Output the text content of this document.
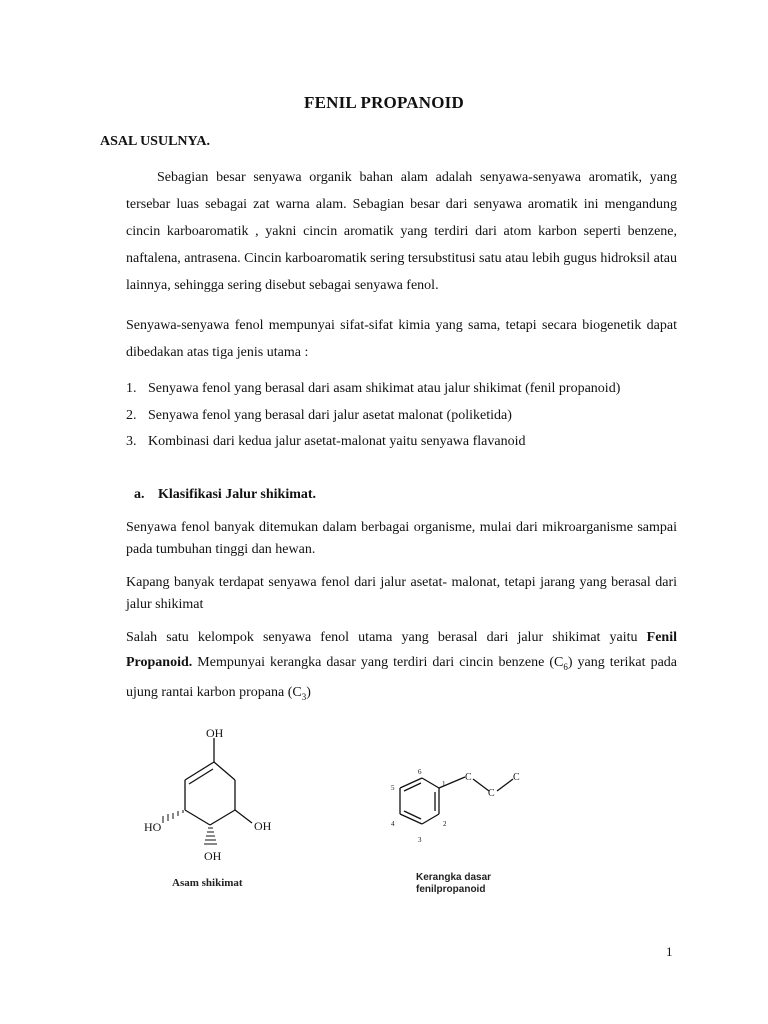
FENIL PROPANOID
ASAL USULNYA.

Sebagian besar senyawa organik bahan alam adalah senyawa-senyawa aromatik, yang tersebar luas sebagai zat warna alam. Sebagian besar dari senyawa aromatik ini mengandung cincin karboaromatik , yakni cincin aromatik yang terdiri dari atom karbon seperti benzene, naftalena, antrasena. Cincin karboaromatik sering tersubstitusi satu atau lebih gugus hidroksil atau lainnya, sehingga sering disebut sebagai senyawa fenol.

Senyawa-senyawa fenol mempunyai sifat-sifat kimia yang sama, tetapi secara biogenetik dapat dibedakan atas tiga jenis utama :

1. Senyawa fenol yang berasal dari asam shikimat atau jalur shikimat (fenil propanoid)
2. Senyawa fenol yang berasal dari jalur asetat malonat (poliketida)
3. Kombinasi dari kedua jalur asetat-malonat yaitu senyawa flavanoid
a. Klasifikasi Jalur shikimat.

Senyawa fenol banyak ditemukan dalam berbagai organisme, mulai dari mikroarganisme sampai pada tumbuhan tinggi dan hewan.

Kapang banyak terdapat senyawa fenol dari jalur asetat- malonat, tetapi jarang yang berasal dari jalur shikimat

Salah satu kelompok senyawa fenol utama yang berasal dari jalur shikimat yaitu Fenil Propanoid. Mempunyai kerangka dasar yang terdiri dari cincin benzene $(C_6)$ yang terikat pada ujung rantai karbon propana $(C_3)$

OH
HO	OH
OH
Asam shikimat
C
C
C
1
2
3
4
5
6
Kerangka dasar
fenilpropanoid
1
